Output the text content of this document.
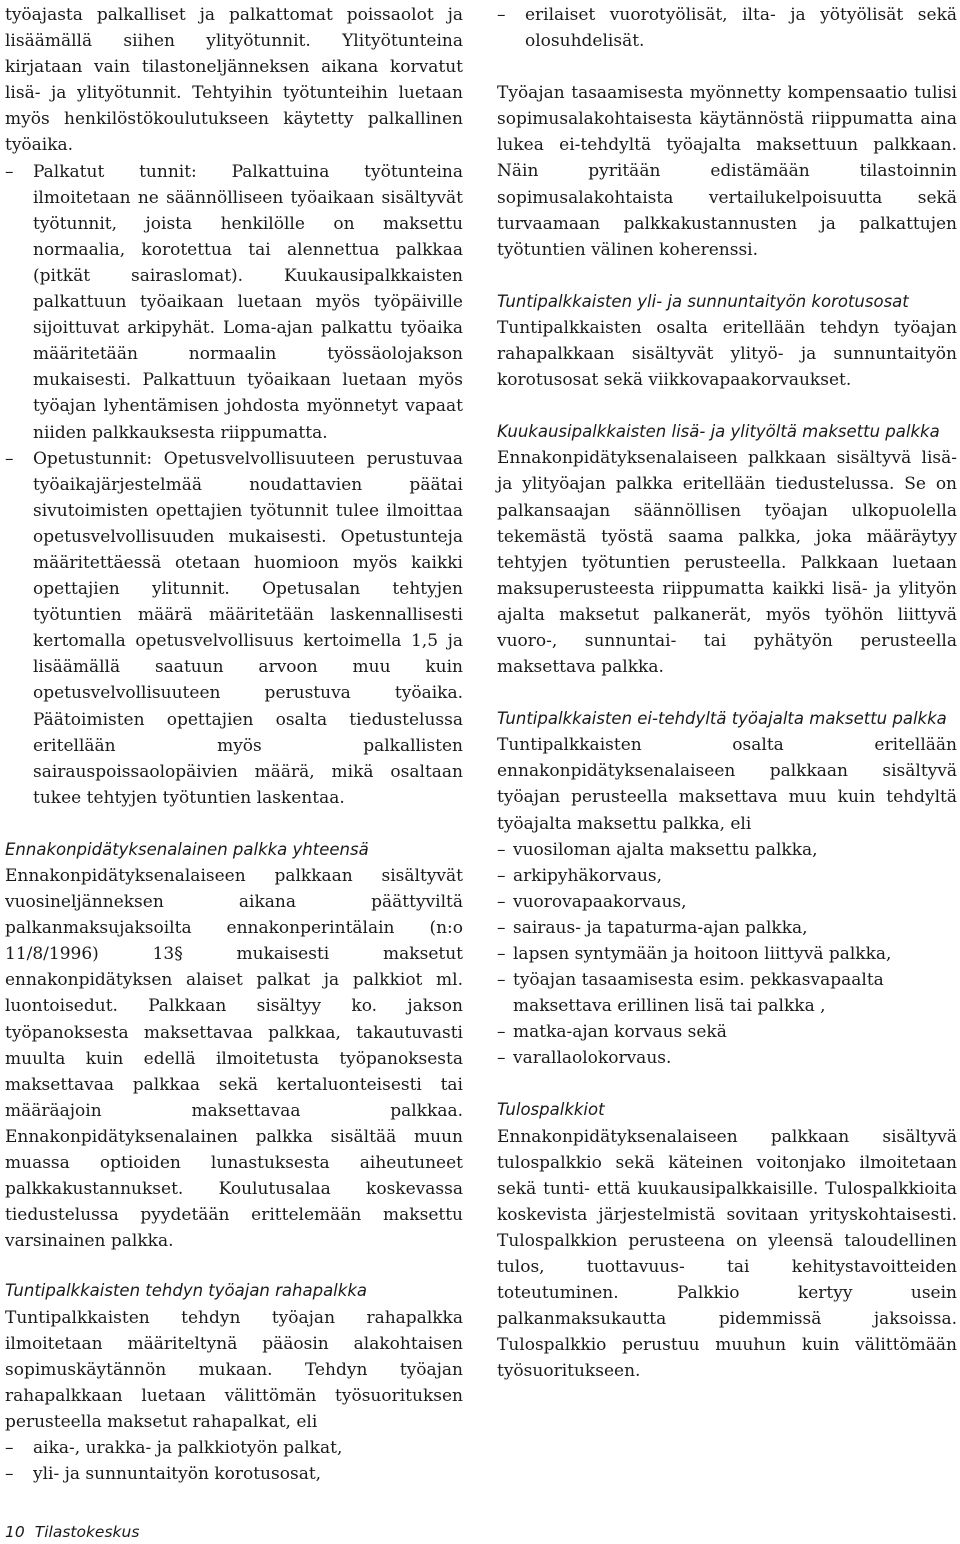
työajasta palkalliset ja palkattomat poissaolot ja lisäämällä siihen ylityötunnit. Ylityötunteina kirjataan vain tilastoneljänneksen aikana korvatut lisä- ja ylityötunnit. Tehtyihin työtunteihin luetaan myös henkilöstökoulutukseen käytetty palkallinen työaika.

– Palkatut tunnit: Palkattuina työtunteina ilmoitetaan ne säännölliseen työaikaan sisältyvät työtunnit, joista henkilölle on maksettu normaalia, korotettua tai alennettua palkkaa (pitkät sairaslomat). Kuukausipalkkaisten palkattuun työaikaan luetaan myös työpäiville sijoittuvat arkipyhät. Loma-ajan palkattu työaika määritetään normaalin työssäolojakson mukaisesti. Palkattuun työaikaan luetaan myös työajan lyhentämisen johdosta myönnetyt vapaat niiden palkkauksesta riippumatta.

– Opetustunnit: Opetusvelvollisuuteen perustuvaa työaikajärjestelmää noudattavien päätai sivutoimisten opettajien työtunnit tulee ilmoittaa opetusvelvollisuuden mukaisesti. Opetustunteja määritettäessä otetaan huomioon myös kaikki opettajien ylitunnit. Opetusalan tehtyjen työtuntien määrä määritetään laskennallisesti kertomalla opetusvelvollisuus kertoimella 1,5 ja lisäämällä saatuun arvoon muu kuin opetusvelvollisuuteen perustuva työaika. Päätoimisten opettajien osalta tiedustelussa eritellään myös palkallisten sairauspoissaolopäivien määrä, mikä osaltaan tukee tehtyjen työtuntien laskentaa.

Ennakonpidätyksenalainen palkka yhteensä

Ennakonpidätyksenalaiseen palkkaan sisältyvät vuosineljänneksen aikana päättyviltä palkanmaksujaksoilta ennakonperintälain (n:o 11/8/1996) 13§ mukaisesti maksetut ennakonpidätyksen alaiset palkat ja palkkiot ml. luontoisedut. Palkkaan sisältyy ko. jakson työpanoksesta maksettavaa palkkaa, takautuvasti muulta kuin edellä ilmoitetusta työpanoksesta maksettavaa palkkaa sekä kertaluonteisesti tai määräajoin maksettavaa palkkaa. Ennakonpidätyksenalainen palkka sisältää muun muassa optioiden lunastuksesta aiheutuneet palkkakustannukset. Koulutusalaa koskevassa tiedustelussa pyydetään erittelemään maksettu varsinainen palkka.

Tuntipalkkaisten tehdyn työajan rahapalkka

Tuntipalkkaisten tehdyn työajan rahapalkka ilmoitetaan määriteltynä pääosin alakohtaisen sopimuskäytännön mukaan. Tehdyn työajan rahapalkkaan luetaan välittömän työsuorituksen perusteella maksetut rahapalkat, eli

– aika-, urakka- ja palkkiotyön palkat,

– yli- ja sunnuntaityön korotusosat,

– erilaiset vuorotyölisät, ilta- ja yötyölisät sekä olosuhdelisät.

Työajan tasaamisesta myönnetty kompensaatio tulisi sopimusalakohtaisesta käytännöstä riippumatta aina lukea ei-tehdyltä työajalta maksettuun palkkaan. Näin pyritään edistämään tilastoinnin sopimusalakohtaista vertailukelpoisuutta sekä turvaamaan palkkakustannusten ja palkattujen työtuntien välinen koherenssi.

Tuntipalkkaisten yli- ja sunnuntaityön korotusosat

Tuntipalkkaisten osalta eritellään tehdyn työajan rahapalkkaan sisältyvät ylityö- ja sunnuntaityön korotusosat sekä viikkovapaakorvaukset.

Kuukausipalkkaisten lisä- ja ylityöltä maksettu palkka

Ennakonpidätyksenalaiseen palkkaan sisältyvä lisä- ja ylityöajan palkka eritellään tiedustelussa. Se on palkansaajan säännöllisen työajan ulkopuolella tekemästä työstä saama palkka, joka määräytyy tehtyjen työtuntien perusteella. Palkkaan luetaan maksuperusteesta riippumatta kaikki lisä- ja ylityön ajalta maksetut palkanerät, myös työhön liittyvä vuoro-, sunnuntai- tai pyhätyön perusteella maksettava palkka.

Tuntipalkkaisten ei-tehdyltä työajalta maksettu palkka

Tuntipalkkaisten osalta eritellään ennakonpidätyksenalaiseen palkkaan sisältyvä työajan perusteella maksettava muu kuin tehdyltä työajalta maksettu palkka, eli

– vuosiloman ajalta maksettu palkka,

– arkipyhäkorvaus,

– vuorovapaakorvaus,

– sairaus- ja tapaturma-ajan palkka,

– lapsen syntymään ja hoitoon liittyvä palkka,

– työajan tasaamisesta esim. pekkasvapaalta maksettava erillinen lisä tai palkka ,

– matka-ajan korvaus sekä

– varallaolokorvaus.

Tulospalkkiot

Ennakonpidätyksenalaiseen palkkaan sisältyvä tulospalkkio sekä käteinen voitonjako ilmoitetaan sekä tunti- että kuukausipalkkaisille. Tulospalkkioita koskevista järjestelmistä sovitaan yrityskohtaisesti. Tulospalkkion perusteena on yleensä taloudellinen tulos, tuottavuus- tai kehitystavoitteiden toteutuminen. Palkkio kertyy usein palkanmaksukautta pidemmissä jaksoissa. Tulospalkkio perustuu muuhun kuin välittömään työsuoritukseen.

10 Tilastokeskus
